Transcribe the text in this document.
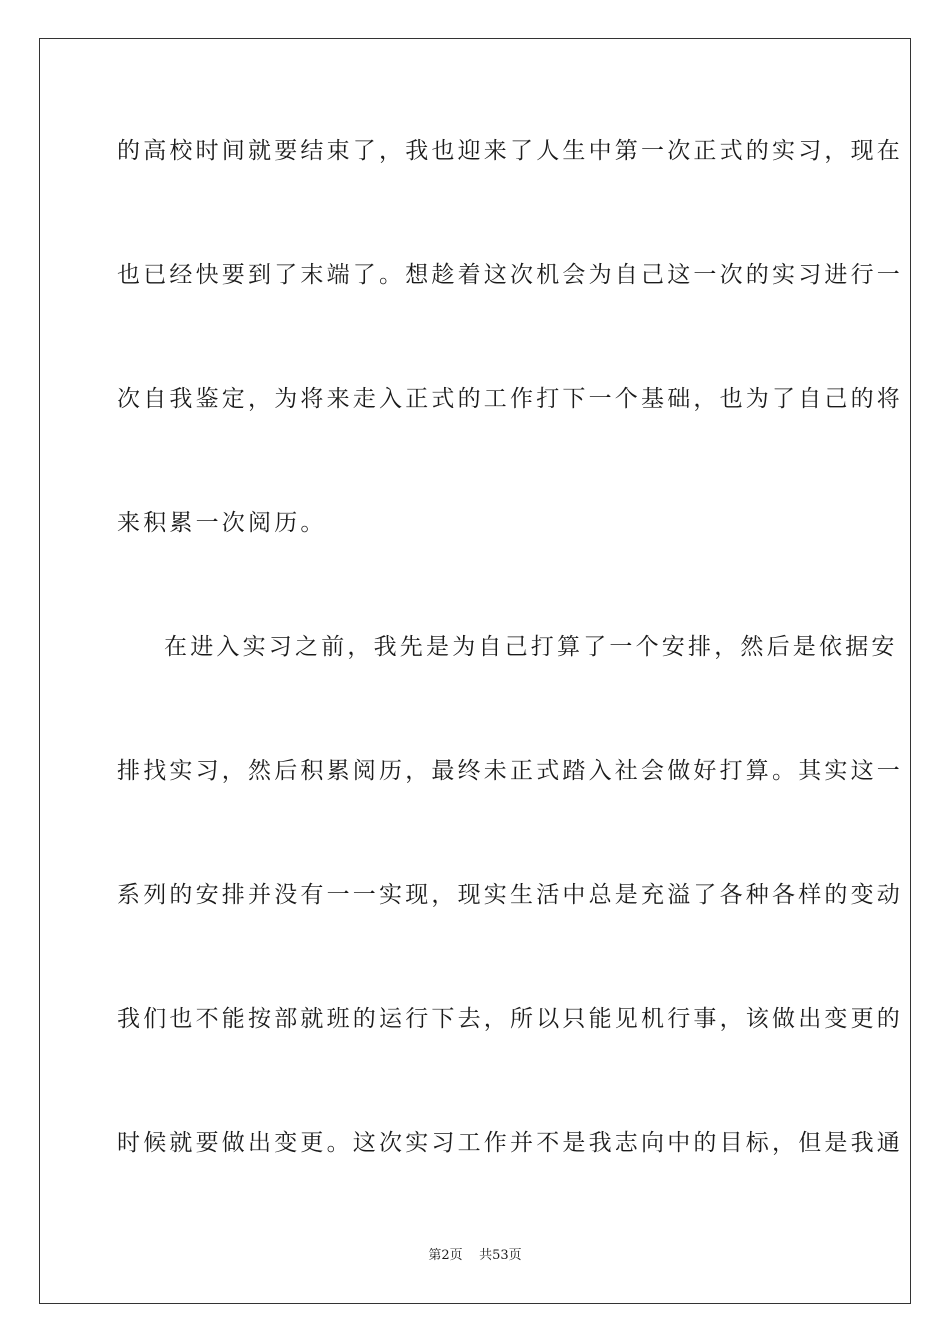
的高校时间就要结束了，我也迎来了人生中第一次正式的实习，现在
也已经快要到了末端了。想趁着这次机会为自己这一次的实习进行一
次自我鉴定，为将来走入正式的工作打下一个基础，也为了自己的将
来积累一次阅历。
在进入实习之前，我先是为自己打算了一个安排，然后是依据安
排找实习，然后积累阅历，最终未正式踏入社会做好打算。其实这一
系列的安排并没有一一实现，现实生活中总是充溢了各种各样的变动
我们也不能按部就班的运行下去，所以只能见机行事，该做出变更的
时候就要做出变更。这次实习工作并不是我志向中的目标，但是我通
第2页 共53页
